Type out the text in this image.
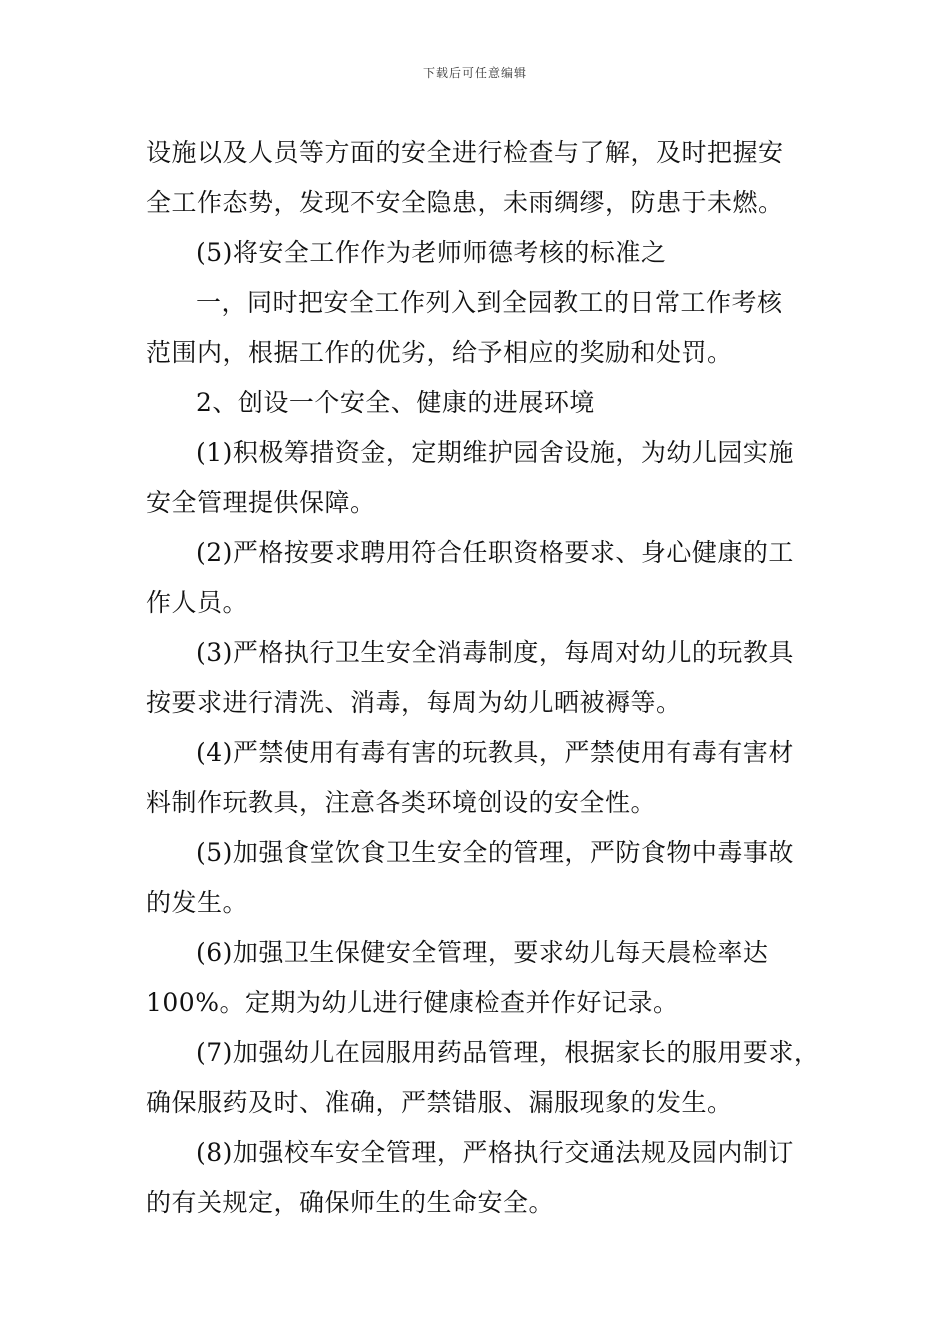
下载后可任意编辑
设施以及人员等方面的安全进行检查与了解，及时把握安
全工作态势，发现不安全隐患，未雨绸缪，防患于未燃。
(5)将安全工作作为老师师德考核的标准之
一，同时把安全工作列入到全园教工的日常工作考核
范围内，根据工作的优劣，给予相应的奖励和处罚。
2、创设一个安全、健康的进展环境
(1)积极筹措资金，定期维护园舍设施，为幼儿园实施
安全管理提供保障。
(2)严格按要求聘用符合任职资格要求、身心健康的工
作人员。
(3)严格执行卫生安全消毒制度，每周对幼儿的玩教具
按要求进行清洗、消毒，每周为幼儿晒被褥等。
(4)严禁使用有毒有害的玩教具，严禁使用有毒有害材
料制作玩教具，注意各类环境创设的安全性。
(5)加强食堂饮食卫生安全的管理，严防食物中毒事故
的发生。
(6)加强卫生保健安全管理，要求幼儿每天晨检率达
100%。定期为幼儿进行健康检查并作好记录。
(7)加强幼儿在园服用药品管理，根据家长的服用要求，
确保服药及时、准确，严禁错服、漏服现象的发生。
(8)加强校车安全管理，严格执行交通法规及园内制订
的有关规定，确保师生的生命安全。
